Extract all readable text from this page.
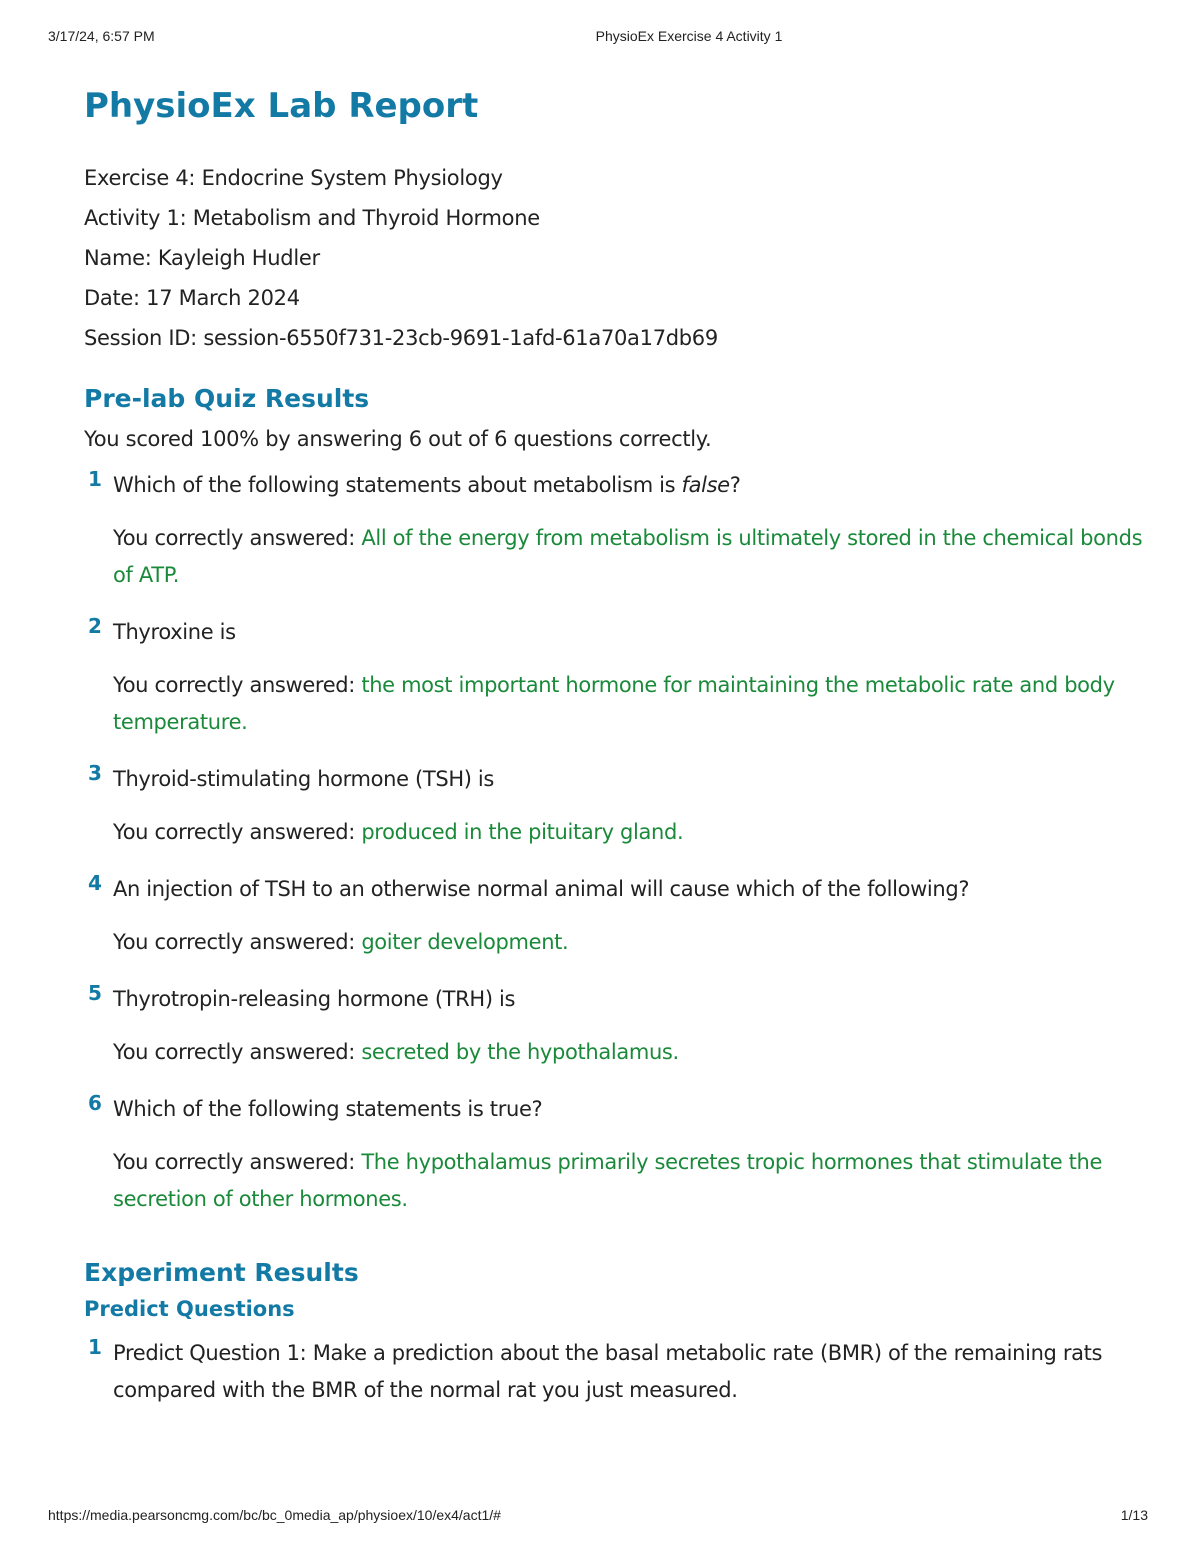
3/17/24, 6:57 PM	PhysioEx Exercise 4 Activity 1
PhysioEx Lab Report
Exercise 4: Endocrine System Physiology
Activity 1: Metabolism and Thyroid Hormone
Name: Kayleigh Hudler
Date: 17 March 2024
Session ID: session-6550f731-23cb-9691-1afd-61a70a17db69
Pre-lab Quiz Results
You scored 100% by answering 6 out of 6 questions correctly.
1 Which of the following statements about metabolism is false?
You correctly answered: All of the energy from metabolism is ultimately stored in the chemical bonds of ATP.
2 Thyroxine is
You correctly answered: the most important hormone for maintaining the metabolic rate and body temperature.
3 Thyroid-stimulating hormone (TSH) is
You correctly answered: produced in the pituitary gland.
4 An injection of TSH to an otherwise normal animal will cause which of the following?
You correctly answered: goiter development.
5 Thyrotropin-releasing hormone (TRH) is
You correctly answered: secreted by the hypothalamus.
6 Which of the following statements is true?
You correctly answered: The hypothalamus primarily secretes tropic hormones that stimulate the secretion of other hormones.
Experiment Results
Predict Questions
1 Predict Question 1: Make a prediction about the basal metabolic rate (BMR) of the remaining rats compared with the BMR of the normal rat you just measured.
https://media.pearsoncmg.com/bc/bc_0media_ap/physioex/10/ex4/act1/#	1/13
